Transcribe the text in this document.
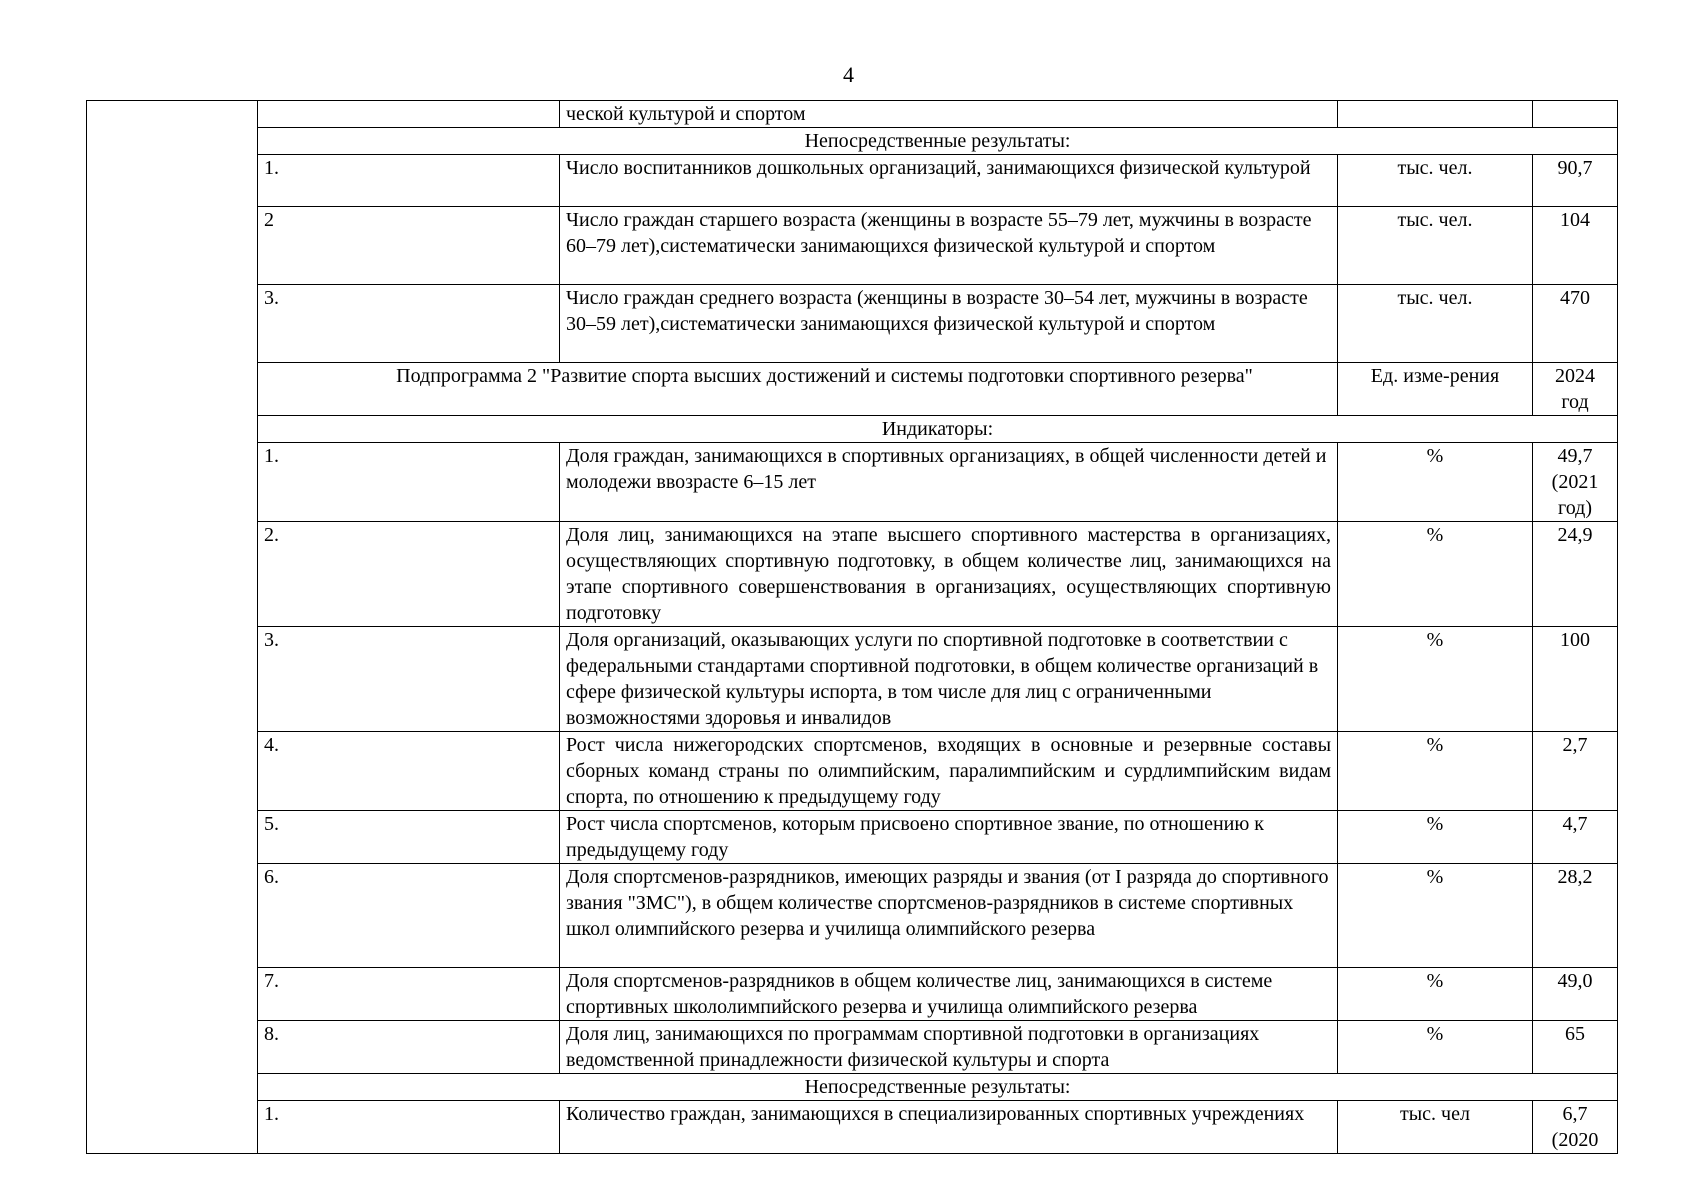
4
		ческой культурой и спортом		
	Непосредственные результаты:			
	1.	Число воспитанников дошкольных организаций, занимающихся физической культурой	тыс. чел.	90,7
	2	Число граждан старшего возраста (женщины в возрасте 55–79 лет, мужчины в возрасте 60–79 лет),систематически занимающихся физической культурой и спортом	тыс. чел.	104
	3.	Число граждан среднего возраста (женщины в возрасте 30–54 лет, мужчины в возрасте 30–59 лет),систематически занимающихся физической культурой и спортом	тыс. чел.	470
	Подпрограмма 2 "Развитие спорта высших достижений и системы подготовки спортивного резерва"		Ед. изме-рения	2024 год
	Индикаторы:			
	1.	Доля граждан, занимающихся в спортивных организациях, в общей численности детей и молодежи ввозрасте 6–15 лет	%	49,7 (2021 год)
	2.	Доля лиц, занимающихся на этапе высшего спортивного мастерства в организациях, осуществляющих спортивную подготовку, в общем количестве лиц, занимающихся на этапе спортивного совершенствования в организациях, осуществляющих спортивную подготовку	%	24,9
	3.	Доля организаций, оказывающих услуги по спортивной подготовке в соответствии с федеральными стандартами спортивной подготовки, в общем количестве организаций в сфере физической культуры испорта, в том числе для лиц с ограниченными возможностями здоровья и инвалидов	%	100
	4.	Рост числа нижегородских спортсменов, входящих в основные и резервные составы сборных команд страны по олимпийским, паралимпийским и сурдлимпийским видам спорта, по отношению к предыдущему году	%	2,7
	5.	Рост числа спортсменов, которым присвоено спортивное звание, по отношению к предыдущему году	%	4,7
	6.	Доля спортсменов-разрядников, имеющих разряды и звания (от I разряда до спортивного звания "ЗМС"), в общем количестве спортсменов-разрядников в системе спортивных школ олимпийского резерва и училища олимпийского резерва	%	28,2
	7.	Доля спортсменов-разрядников в общем количестве лиц, занимающихся в системе спортивных школолимпийского резерва и училища олимпийского резерва	%	49,0
	8.	Доля лиц, занимающихся по программам спортивной подготовки в организациях ведомственной принадлежности физической культуры и спорта	%	65
	Непосредственные результаты:			
	1.	Количество граждан, занимающихся в специализированных спортивных учреждениях	тыс. чел	6,7 (2020
